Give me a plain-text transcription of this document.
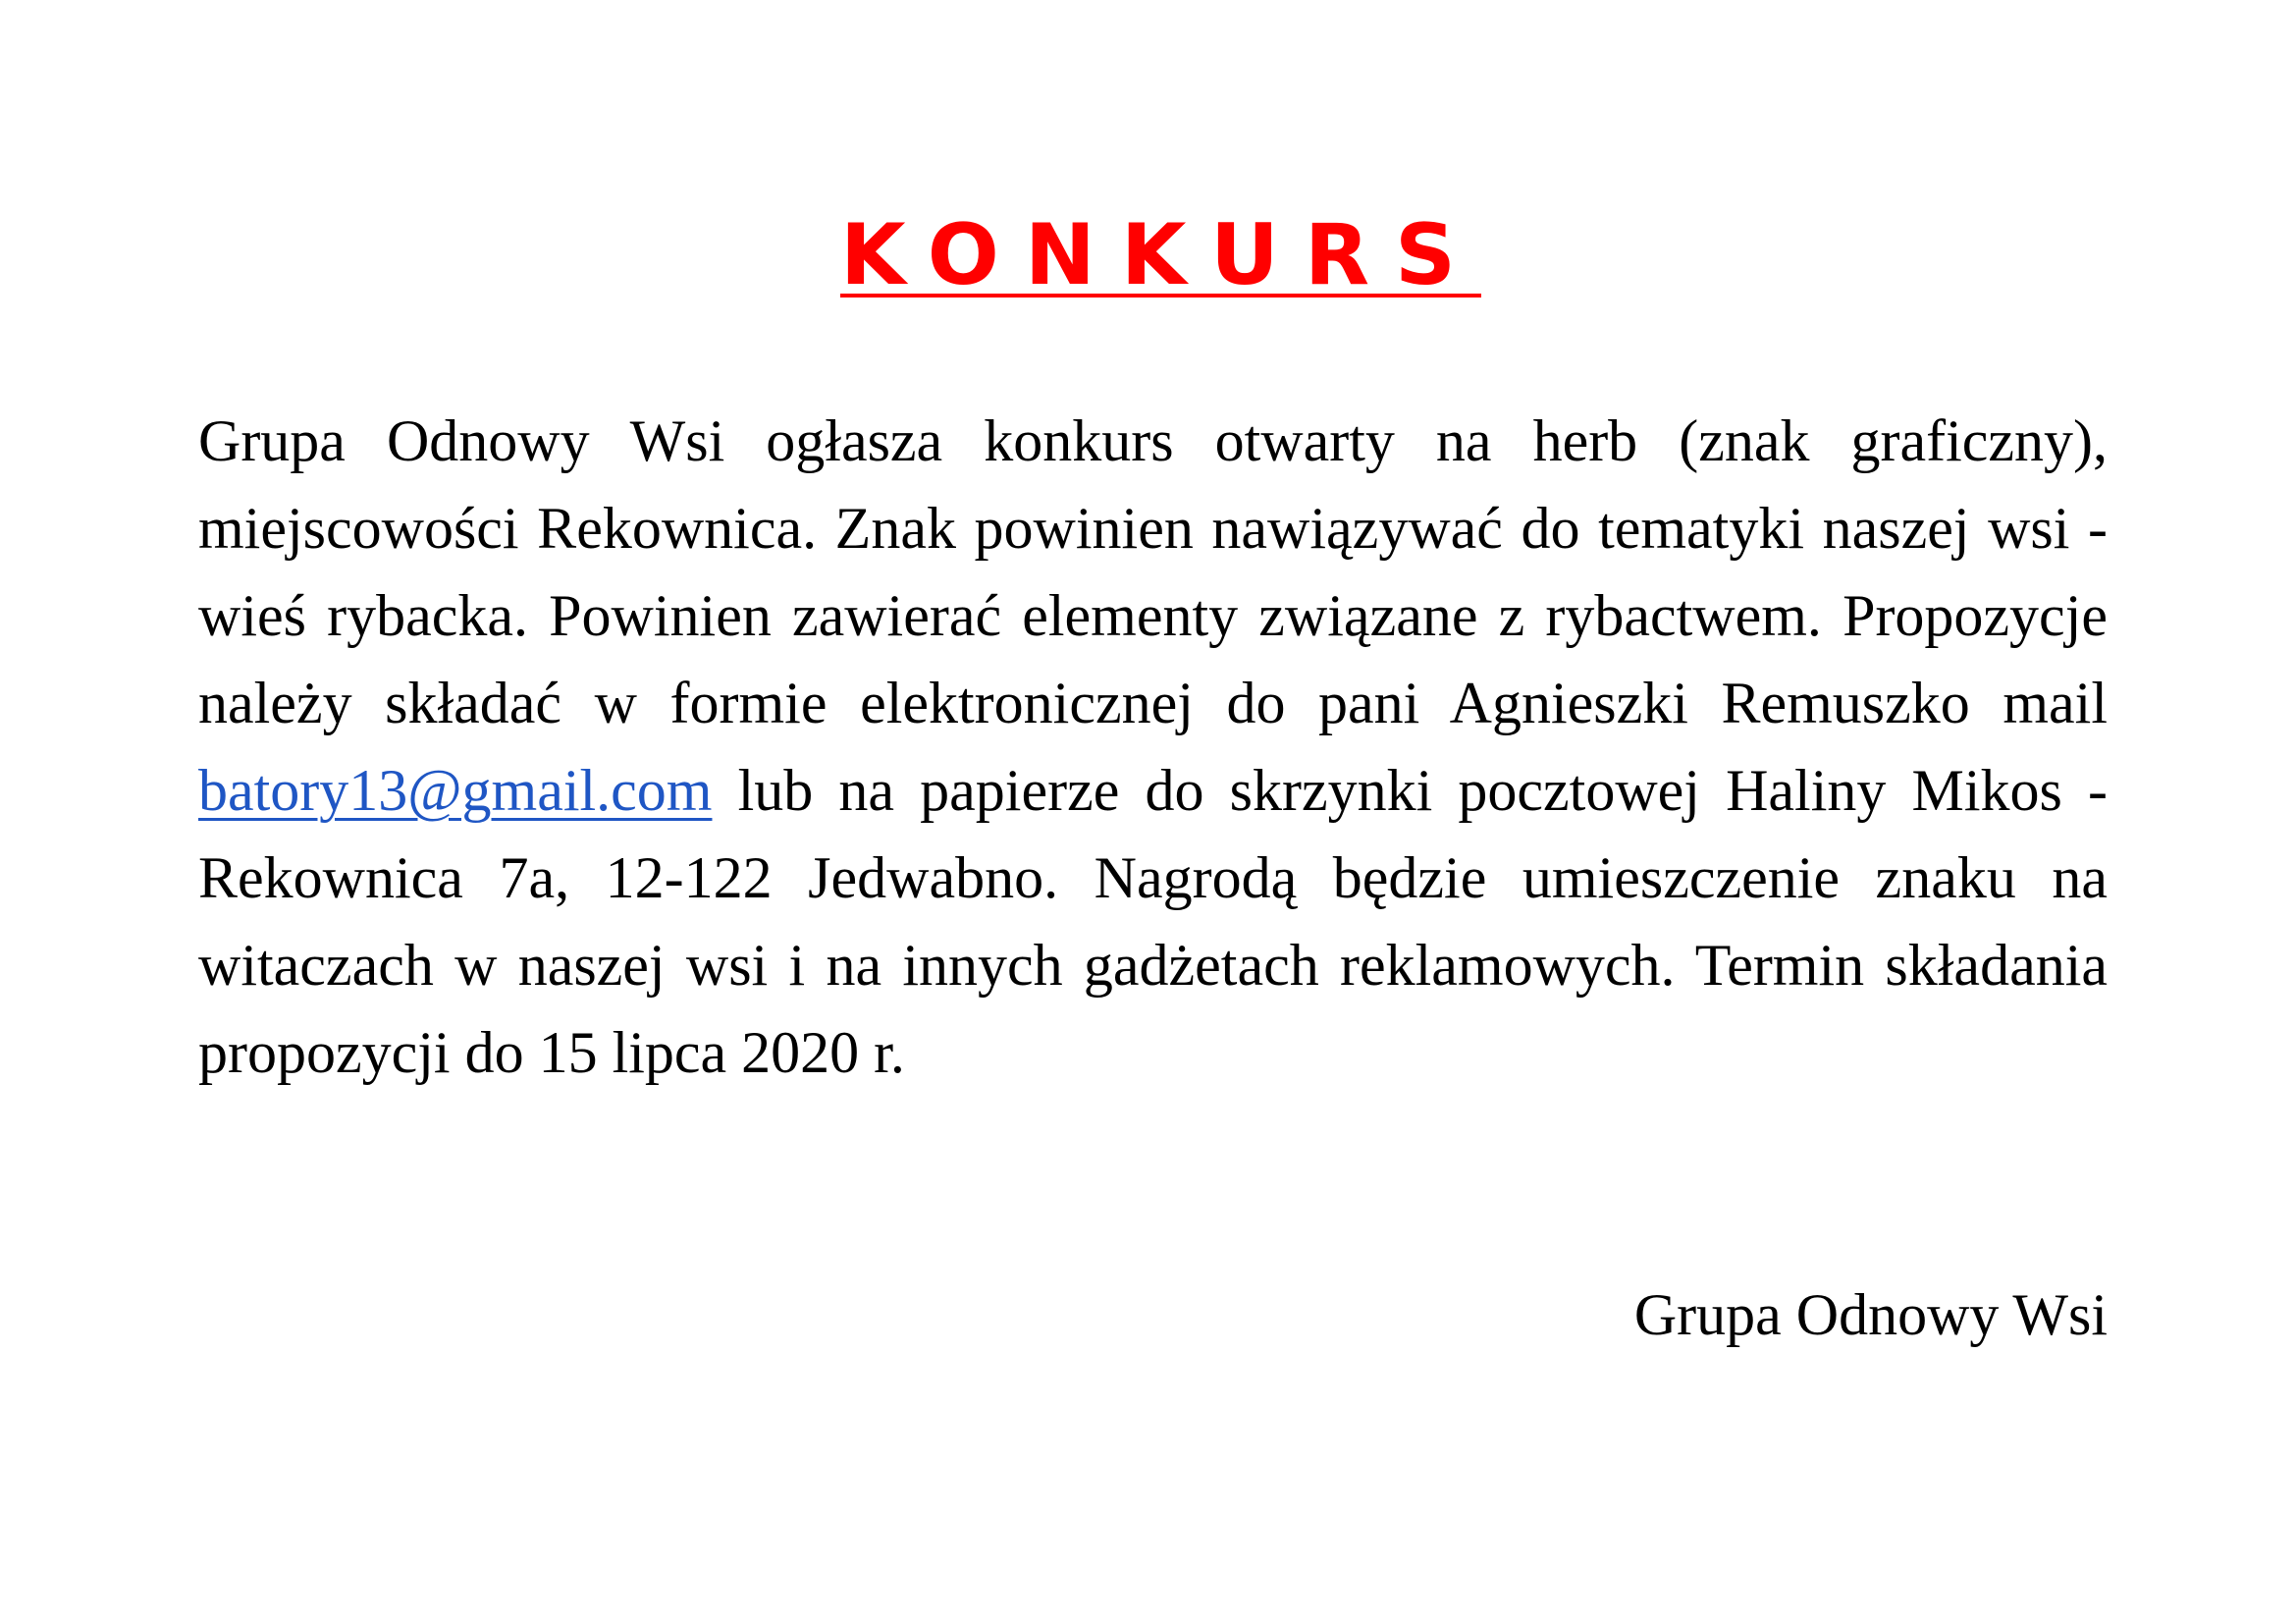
KONKURS
Grupa Odnowy Wsi ogłasza konkurs otwarty na herb (znak graficzny), miejscowości Rekownica. Znak powinien nawiązywać do tematyki naszej wsi - wieś rybacka. Powinien zawierać elementy związane z rybactwem. Propozycje należy składać w formie elektronicznej do pani Agnieszki Remuszko mail batory13@gmail.com lub na papierze do skrzynki pocztowej Haliny Mikos - Rekownica 7a, 12-122 Jedwabno. Nagrodą będzie umieszczenie znaku na witaczach w naszej wsi i na innych gadżetach reklamowych. Termin składania propozycji do 15 lipca 2020 r.
Grupa Odnowy Wsi
